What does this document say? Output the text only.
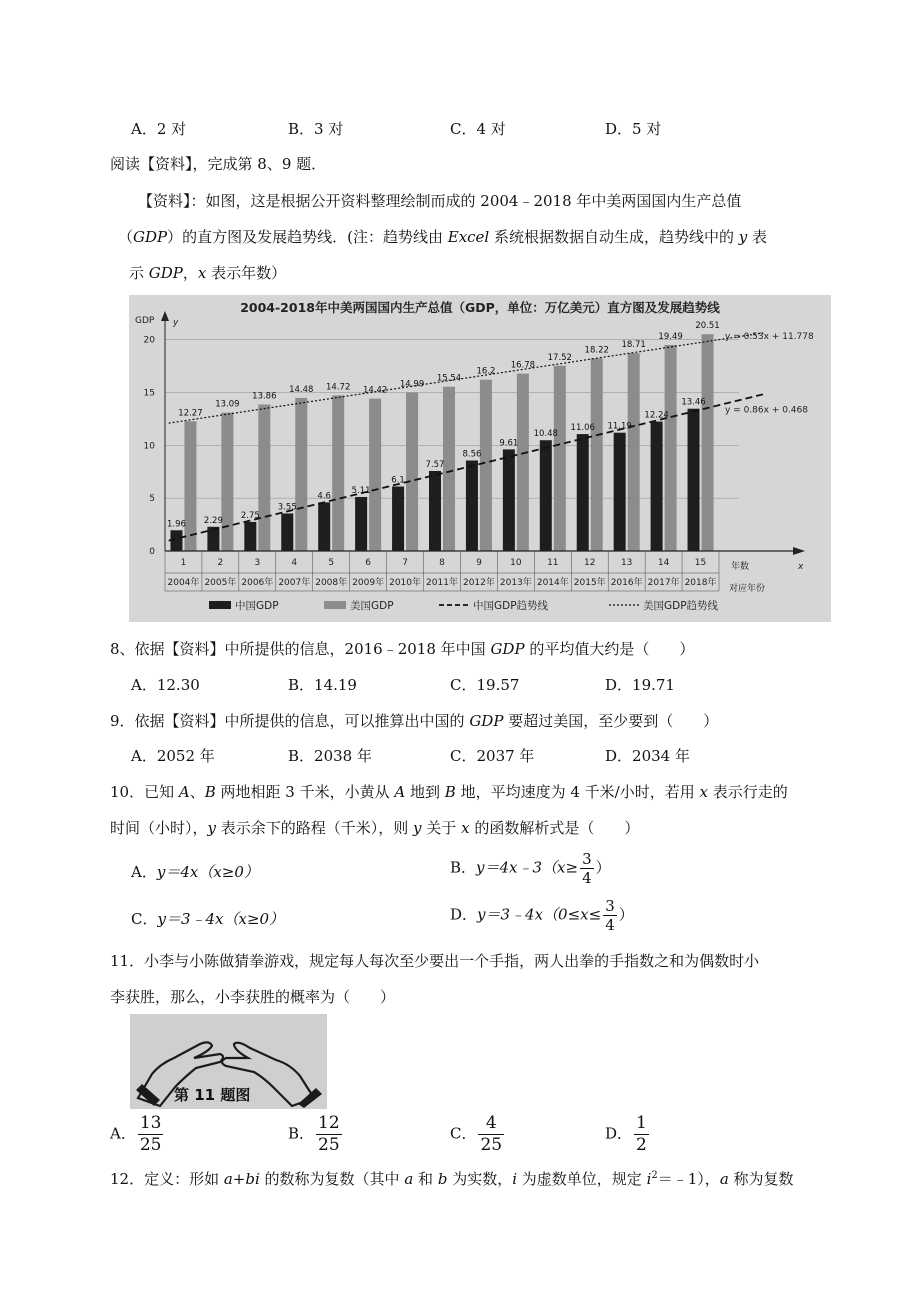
A．2 对	B．3 对	C．4 对	D．5 对
阅读【资料】，完成第 8、9 题．
【资料】：如图，这是根据公开资料整理绘制而成的 2004﹣2018 年中美两国国内生产总值
（GDP）的直方图及发展趋势线．(注：趋势线由 Excel 系统根据数据自动生成，趋势线中的 y 表
示 GDP，x 表示年数）
2004-2018年中美两国国内生产总值（GDP，单位：万亿美元）直方图及发展趋势线
GDP y
y = 0.86x + 0.468
y = 0.53x + 11.778
1.96
12.27
2.29
13.09
2.75
13.86
3.55
14.48
4.6
14.72
5.11
14.42
6.1
14.99
7.57
15.54
8.56
16.2
9.61
16.78
10.48
17.52
11.06
18.22
11.19
18.71
12.24
19.49
13.46
20.51
0
5
10
15
20
1
2004年
2
2005年
3
2006年
4
2007年
5
2008年
6
2009年
7
2010年
8
2011年
9
2012年
10
2013年
11
2014年
12
2015年
13
2016年
14
2017年
15
2018年
年数	x
对应年份
中国GDP	美国GDP	中国GDP趋势线	美国GDP趋势线
8、依据【资料】中所提供的信息，2016﹣2018 年中国 GDP 的平均值大约是（　　）
A．12.30	B．14.19	C．19.57	D．19.71
9．依据【资料】中所提供的信息，可以推算出中国的 GDP 要超过美国，至少要到（　　）
A．2052 年	B．2038 年	C．2037 年	D．2034 年
10．已知 A、B 两地相距 3 千米，小黄从 A 地到 B 地，平均速度为 4 千米/小时，若用 x 表示行走的
时间（小时），y 表示余下的路程（千米），则 y 关于 x 的函数解析式是（　　）
A．y＝4x（x≥0）	B．y＝4x﹣3（x≥ $\frac{3}{4}$ ）
C．y＝3﹣4x（x≥0）	D．y＝3﹣4x（0≤x≤ $\frac{3}{4}$ ）
11．小李与小陈做猜拳游戏，规定每人每次至少要出一个手指，两人出拳的手指数之和为偶数时小
李获胜，那么，小李获胜的概率为（　　）
第 11 题图
A． $\frac{13}{25}$	B． $\frac{12}{25}$	C． $\frac{4}{25}$	D． $\frac{1}{2}$
12．定义：形如 a+bi 的数称为复数（其中 a 和 b 为实数，i 为虚数单位，规定 $i^2=﹣1$），a 称为复数
